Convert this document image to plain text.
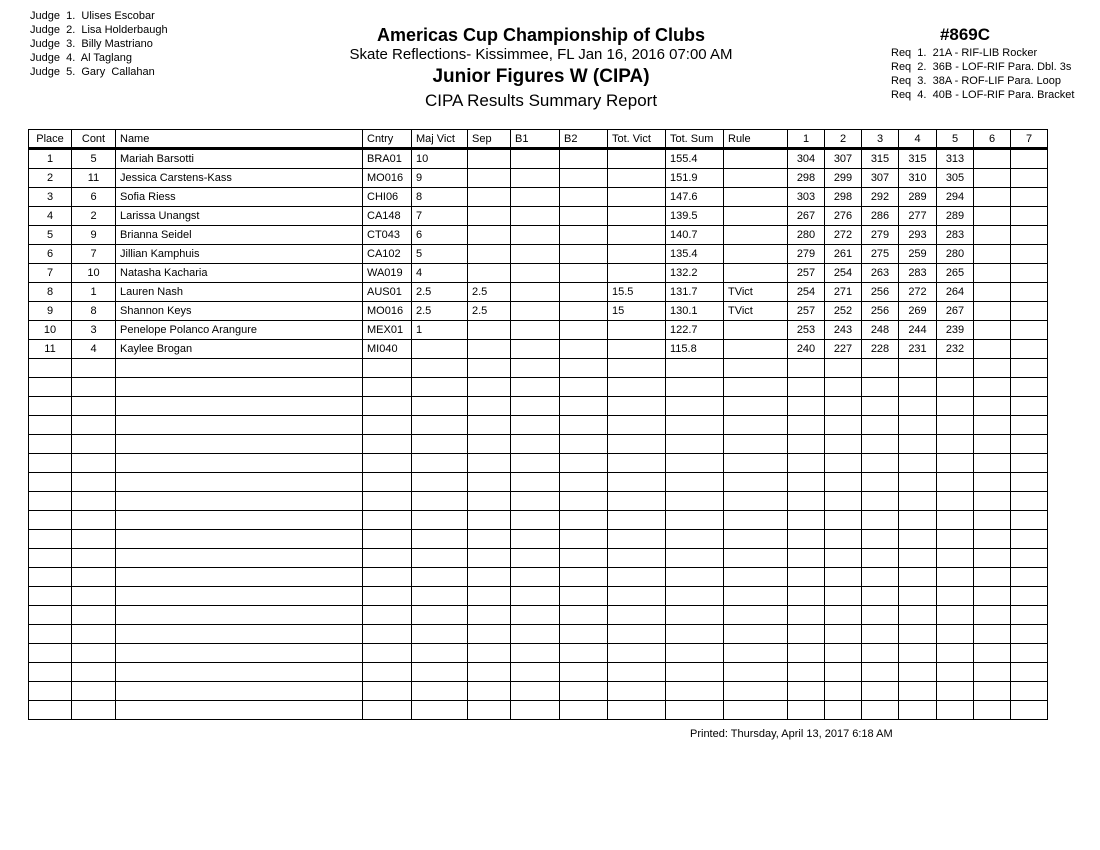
Judge  1.  Ulises Escobar
Judge  2.  Lisa Holderbaugh
Judge  3.  Billy Mastriano
Judge  4.  Al Taglang
Judge  5.  Gary  Callahan
Americas Cup Championship of Clubs
Skate Reflections- Kissimmee, FL Jan 16, 2016 07:00 AM
Junior Figures W (CIPA)
CIPA Results Summary Report
#869C
Req  1.  21A - RIF-LIB Rocker
Req  2.  36B - LOF-RIF Para. Dbl. 3s
Req  3.  38A - ROF-LIF Para. Loop
Req  4.  40B - LOF-RIF Para. Bracket
Place	Cont	Name	Cntry	Maj Vict	Sep	B1	B2	Tot. Vict	Tot. Sum	Rule	1	2	3	4	5	6	7
1	5	Mariah Barsotti	BRA01	10					155.4		304	307	315	315	313		
2	11	Jessica Carstens-Kass	MO016	9					151.9		298	299	307	310	305		
3	6	Sofia Riess	CHI06	8					147.6		303	298	292	289	294		
4	2	Larissa Unangst	CA148	7					139.5		267	276	286	277	289		
5	9	Brianna Seidel	CT043	6					140.7		280	272	279	293	283		
6	7	Jillian Kamphuis	CA102	5					135.4		279	261	275	259	280		
7	10	Natasha Kacharia	WA019	4					132.2		257	254	263	283	265		
8	1	Lauren Nash	AUS01	2.5	2.5			15.5	131.7	TVict	254	271	256	272	264		
9	8	Shannon Keys	MO016	2.5	2.5			15	130.1	TVict	257	252	256	269	267		
10	3	Penelope Polanco Arangure	MEX01	1					122.7		253	243	248	244	239		
11	4	Kaylee Brogan	MI040						115.8		240	227	228	231	232		

Printed: Thursday, April 13, 2017 6:18 AM
